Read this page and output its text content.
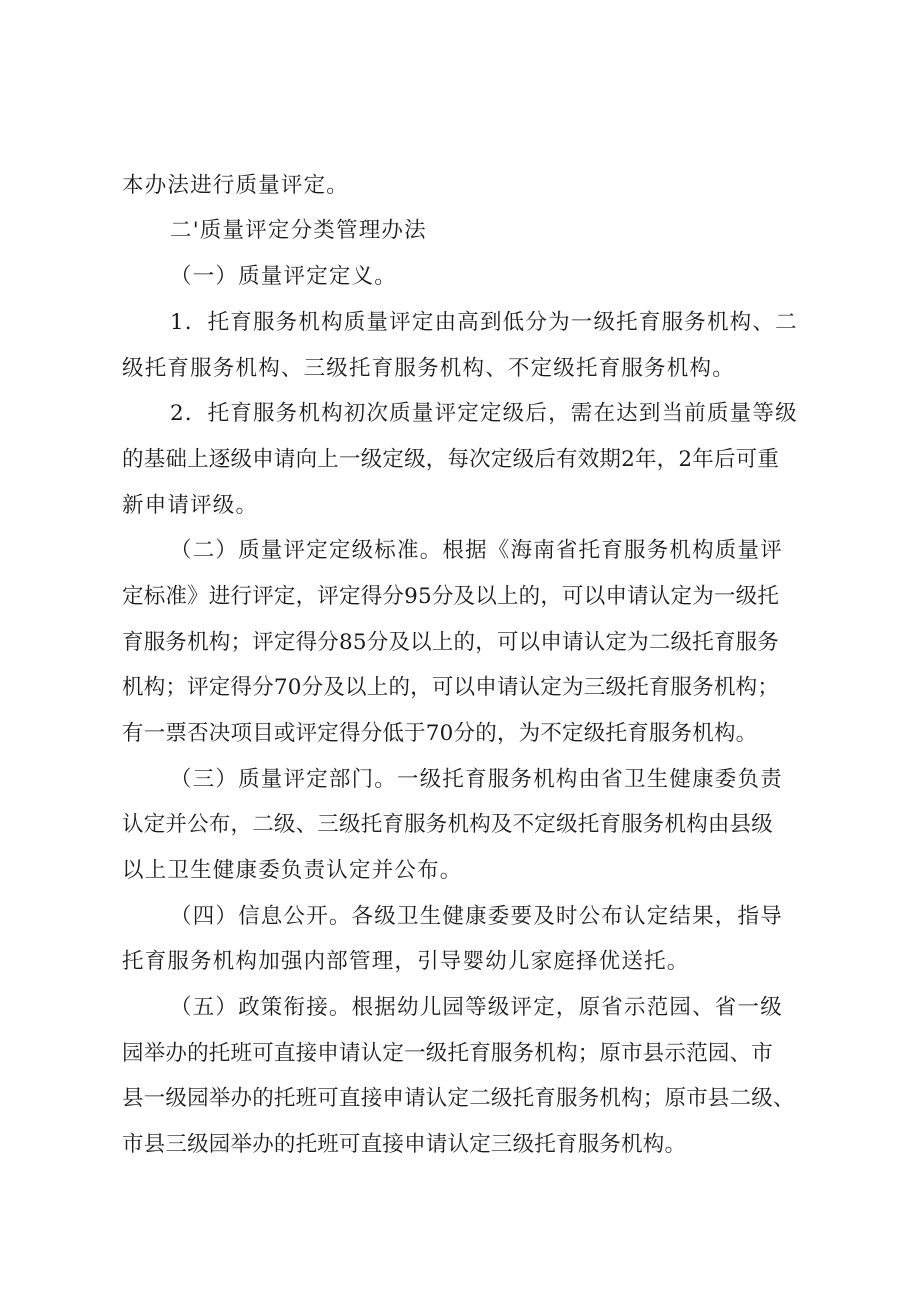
本办法进行质量评定。
二'质量评定分类管理办法
（一）质量评定定义。
1．托育服务机构质量评定由高到低分为一级托育服务机构、二
级托育服务机构、三级托育服务机构、不定级托育服务机构。
2．托育服务机构初次质量评定定级后，需在达到当前质量等级
的基础上逐级申请向上一级定级，每次定级后有效期2年，2年后可重
新申请评级。
（二）质量评定定级标准。根据《海南省托育服务机构质量评
定标准》进行评定，评定得分95分及以上的，可以申请认定为一级托
育服务机构；评定得分85分及以上的，可以申请认定为二级托育服务
机构；评定得分70分及以上的，可以申请认定为三级托育服务机构；
有一票否决项目或评定得分低于70分的，为不定级托育服务机构。
（三）质量评定部门。一级托育服务机构由省卫生健康委负责
认定并公布，二级、三级托育服务机构及不定级托育服务机构由县级
以上卫生健康委负责认定并公布。
（四）信息公开。各级卫生健康委要及时公布认定结果，指导
托育服务机构加强内部管理，引导婴幼儿家庭择优送托。
（五）政策衔接。根据幼儿园等级评定，原省示范园、省一级
园举办的托班可直接申请认定一级托育服务机构；原市县示范园、市
县一级园举办的托班可直接申请认定二级托育服务机构；原市县二级、
市县三级园举办的托班可直接申请认定三级托育服务机构。
